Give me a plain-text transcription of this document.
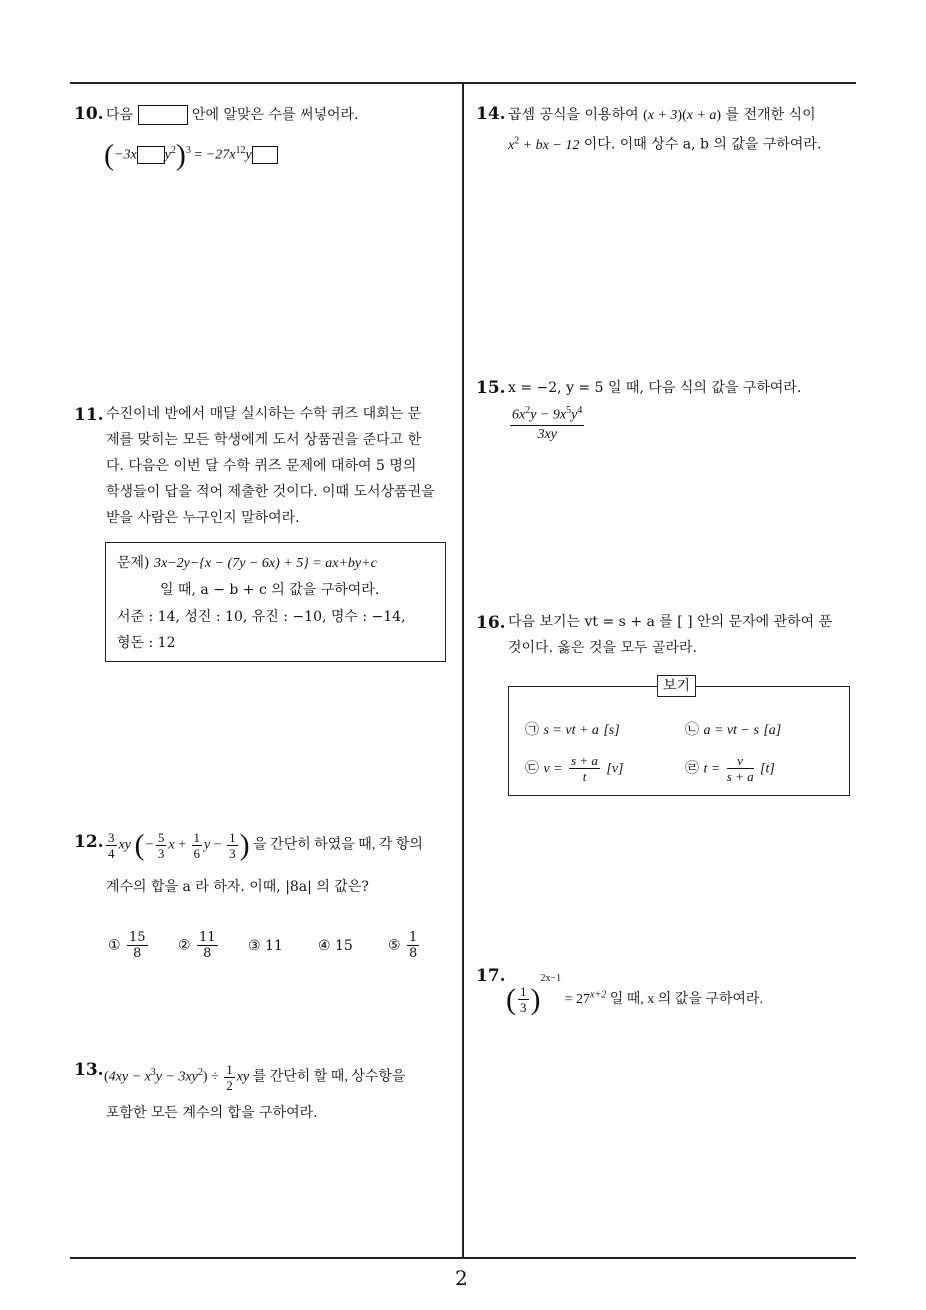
2
10. 다음	안에 알맞은 수를 써넣어라.
(−3x $y^2)^3 = -27x^{12}y$
11. 수진이네 반에서 매달 실시하는 수학 퀴즈 대회는 문
제를 맞히는 모든 학생에게 도서 상품권을 준다고 한
다. 다음은 이번 달 수학 퀴즈 문제에 대하여 5 명의
학생들이 답을 적어 제출한 것이다. 이때 도서상품권을
받을 사람은 누구인지 말하여라.
문제) 3x−2y−{x − (7y − 6x) + 5} = ax+by+c
일 때, a − b + c 의 값을 구하여라.
서준 : 14, 성진 : 10, 유진 : −10, 명수 : −14,
형돈 : 12
12. $\frac{3}{4}$ xy (− $\frac{5}{3}$ $x + \frac{1}{6}$ $y - \frac{1}{3}$ ) 을 간단히 하였을 때, 각 항의
계수의 합을 a 라 하자. 이때, |8a| 의 값은?
① $\frac{15}{8}$ ② $\frac{11}{8}$ ③ 11	④ 15	⑤ $\frac{1}{8}$
13. $(4xy - x^3y - 3xy^2) \div \frac{1}{2}$ xy 를 간단히 할 때, 상수항을
포함한 모든 계수의 합을 구하여라.
14. 곱셈 공식을 이용하여 (x + 3)(x + a) 를 전개한 식이
$x^2$ + bx − 12 이다. 이때 상수 a, b 의 값을 구하여라.
15. x = −2, y = 5 일 때, 다음 식의 값을 구하여라.
$\frac{6x^2y - 9x^5y^4}{3xy}$
16. 다음 보기는 vt = s + a 를 [ ] 안의 문자에 관하여 푼
것이다. 옳은 것을 모두 골라라.
보기
㉠ s = vt + a [s]	㉡ a = vt − s [a]
㉢ $v = \frac{s + a}{t} [v]$	㉣ $t = \frac{v}{s + a} [t]$
17.
( $\frac{1}{3} )^{2x-1} = 27^{x+2}$ 일 때, x 의 값을 구하여라.
